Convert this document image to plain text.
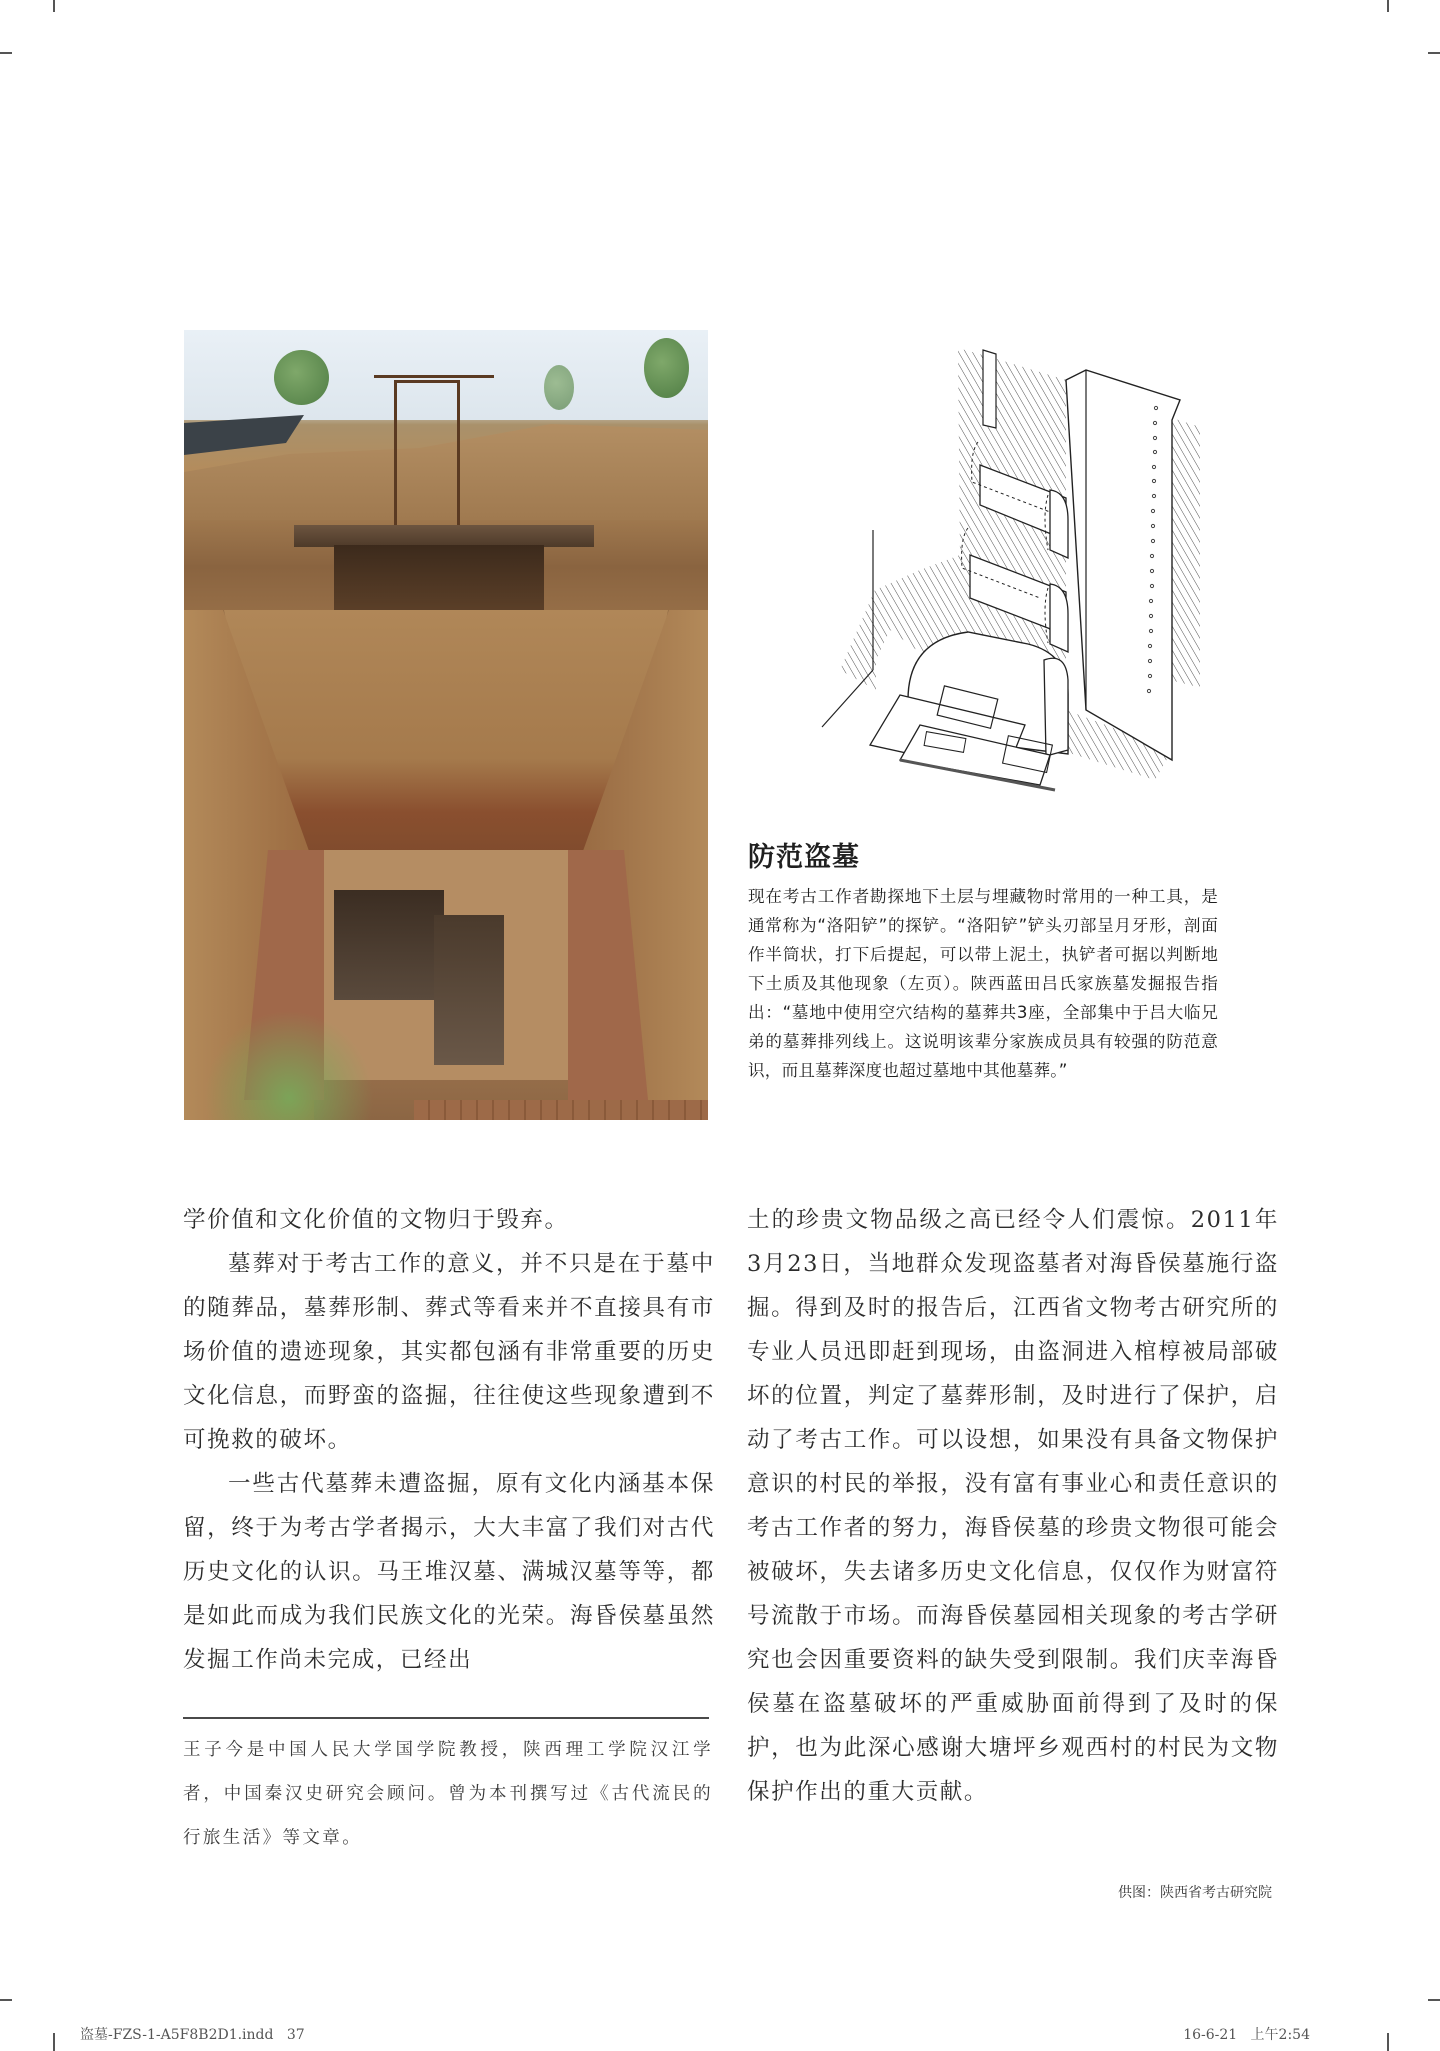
防范盗墓
现在考古工作者勘探地下土层与埋藏物时常用的一种工具，是通常称为“洛阳铲”的探铲。“洛阳铲”铲头刃部呈月牙形，剖面作半筒状，打下后提起，可以带上泥土，执铲者可据以判断地下土质及其他现象（左页）。陕西蓝田吕氏家族墓发掘报告指出：“墓地中使用空穴结构的墓葬共3座，全部集中于吕大临兄弟的墓葬排列线上。这说明该辈分家族成员具有较强的防范意识，而且墓葬深度也超过墓地中其他墓葬。”

学价值和文化价值的文物归于毁弃。

墓葬对于考古工作的意义，并不只是在于墓中的随葬品，墓葬形制、葬式等看来并不直接具有市场价值的遗迹现象，其实都包涵有非常重要的历史文化信息，而野蛮的盗掘，往往使这些现象遭到不可挽救的破坏。

一些古代墓葬未遭盗掘，原有文化内涵基本保留，终于为考古学者揭示，大大丰富了我们对古代历史文化的认识。马王堆汉墓、满城汉墓等等，都是如此而成为我们民族文化的光荣。海昏侯墓虽然发掘工作尚未完成，已经出

土的珍贵文物品级之高已经令人们震惊。2011年3月23日，当地群众发现盗墓者对海昏侯墓施行盗掘。得到及时的报告后，江西省文物考古研究所的专业人员迅即赶到现场，由盗洞进入棺椁被局部破坏的位置，判定了墓葬形制，及时进行了保护，启动了考古工作。可以设想，如果没有具备文物保护意识的村民的举报，没有富有事业心和责任意识的考古工作者的努力，海昏侯墓的珍贵文物很可能会被破坏，失去诸多历史文化信息，仅仅作为财富符号流散于市场。而海昏侯墓园相关现象的考古学研究也会因重要资料的缺失受到限制。我们庆幸海昏侯墓在盗墓破坏的严重威胁面前得到了及时的保护，也为此深心感谢大塘坪乡观西村的村民为文物保护作出的重大贡献。

王子今是中国人民大学国学院教授，陕西理工学院汉江学者，中国秦汉史研究会顾问。曾为本刊撰写过《古代流民的行旅生活》等文章。
供图：陕西省考古研究院
盗墓-FZS-1-A5F8B2D1.indd   37	16-6-21   上午2:54
